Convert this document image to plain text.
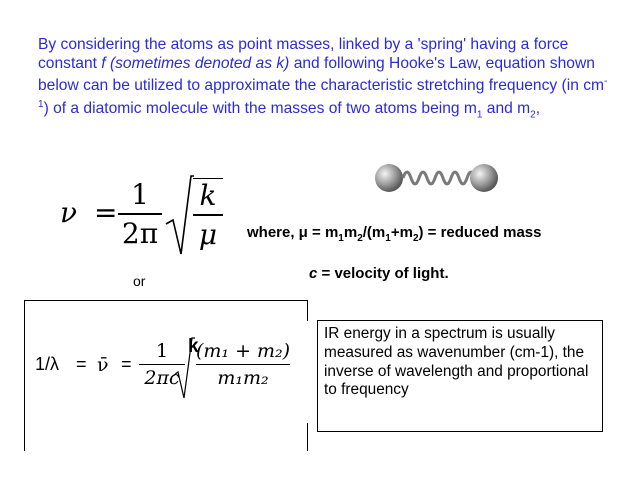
By considering the atoms as point masses, linked by a 'spring' having a force constant f (sometimes denoted as k) and following Hooke's Law, equation shown below can be utilized to approximate the characteristic stretching frequency (in $cm^{-1}$) of a diatomic molecule with the masses of two atoms being $m_1$ and $m_2$,
ν =
1
2π
k
μ	where, $\mu = m_1m_2/(m_1+m_2)$ = reduced mass
or	c = velocity of light.
1/λ = ν̄ =
1
2πc
k
(m₁ + m₂)
m₁m₂
IR energy in a spectrum is usually measured as wavenumber (cm-1), the inverse of wavelength and proportional to frequency
